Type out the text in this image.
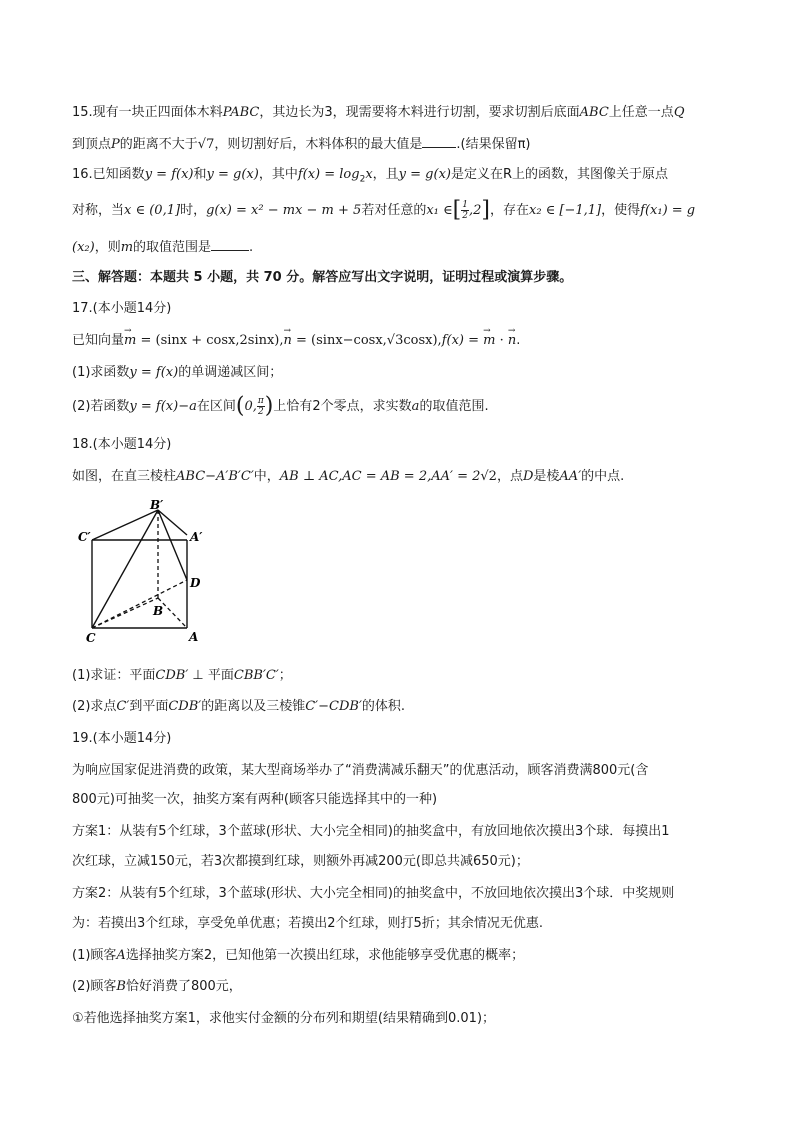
15.现有一块正四面体木料PABC，其边长为3，现需要将木料进行切割，要求切割后底面ABC上任意一点Q
到顶点P的距离不大于√7，则切割好后，木料体积的最大值是	.(结果保留π)
16.已知函数y = f(x)和y = g(x)，其中$f(x) = \log_2x$，且y = g(x)是定义在R上的函数，其图像关于原点
对称，当x ∈ (0,1]时，g(x) = x² − mx − m + 5若对任意的x₁ ∈[ $\frac{1}{2} ,2$]，存在x₂ ∈ [−1,1]，使得f(x₁) = g
(x₂)，则m的取值范围是	.
三、解答题：本题共 5 小题，共 70 分。解答应写出文字说明，证明过程或演算步骤。
17.(本小题14分)
已知向量→ m = (sinx + cosx,2sinx),→ n = (sinx−cosx,√3cosx),f(x) = → m · → n.
(1)求函数y = f(x)的单调递减区间；
(2)若函数y = f(x)−a在区间(0, $\frac{\pi}{2}$ )上恰有2个零点，求实数a的取值范围.
18.(本小题14分)
如图，在直三棱柱ABC−A′B′C′中，AB ⊥ AC,AC = AB = 2,AA′ = 2√2，点D是棱AA′的中点.
B′
C′	A′
D
B
C	A
(1)求证：平面CDB′ ⊥ 平面CBB′C′；
(2)求点C′到平面CDB′的距离以及三棱锥C′−CDB′的体积.
19.(本小题14分)
为响应国家促进消费的政策，某大型商场举办了“消费满减乐翻天”的优惠活动，顾客消费满800元(含
800元)可抽奖一次，抽奖方案有两种(顾客只能选择其中的一种)
方案1：从装有5个红球，3个蓝球(形状、大小完全相同)的抽奖盒中，有放回地依次摸出3个球．每摸出1
次红球，立减150元，若3次都摸到红球，则额外再减200元(即总共减650元)；
方案2：从装有5个红球，3个蓝球(形状、大小完全相同)的抽奖盒中，不放回地依次摸出3个球．中奖规则
为：若摸出3个红球，享受免单优惠；若摸出2个红球，则打5折；其余情况无优惠.
(1)顾客A选择抽奖方案2，已知他第一次摸出红球，求他能够享受优惠的概率；
(2)顾客B恰好消费了800元，
①若他选择抽奖方案1，求他实付金额的分布列和期望(结果精确到0.01)；
